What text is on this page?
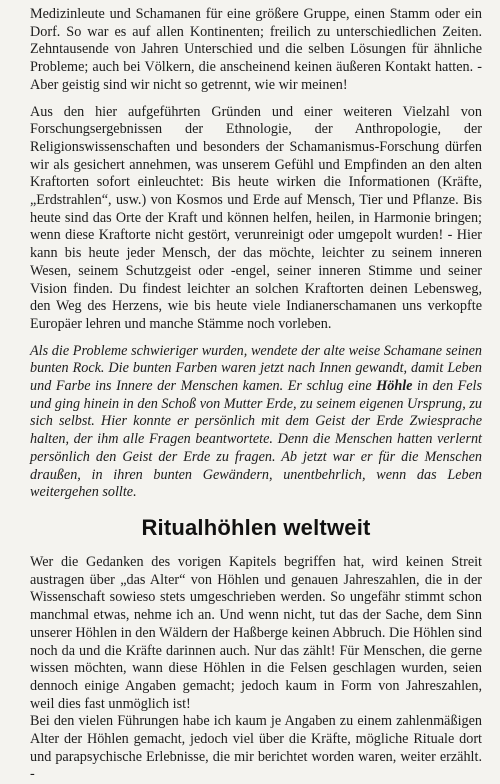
Medizinleute und Schamanen für eine größere Gruppe, einen Stamm oder ein Dorf. So war es auf allen Kontinenten; freilich zu unterschiedlichen Zeiten. Zehntausende von Jahren Unterschied und die selben Lösungen für ähnliche Probleme; auch bei Völkern, die anscheinend keinen äußeren Kontakt hatten. - Aber geistig sind wir nicht so getrennt, wie wir meinen!

Aus den hier aufgeführten Gründen und einer weiteren Vielzahl von Forschungsergebnissen der Ethnologie, der Anthropologie, der Religionswissenschaften und besonders der Schamanismus-Forschung dürfen wir als gesichert annehmen, was unserem Gefühl und Empfinden an den alten Kraftorten sofort einleuchtet: Bis heute wirken die Informationen (Kräfte, „Erdstrahlen“, usw.) von Kosmos und Erde auf Mensch, Tier und Pflanze. Bis heute sind das Orte der Kraft und können helfen, heilen, in Harmonie bringen; wenn diese Kraftorte nicht gestört, verunreinigt oder umgepolt wurden! - Hier kann bis heute jeder Mensch, der das möchte, leichter zu seinem inneren Wesen, seinem Schutzgeist oder -engel, seiner inneren Stimme und seiner Vision finden. Du findest leichter an solchen Kraftorten deinen Lebensweg, den Weg des Herzens, wie bis heute viele Indianerschamanen uns verkopfte Europäer lehren und manche Stämme noch vorleben.

Als die Probleme schwieriger wurden, wendete der alte weise Schamane seinen bunten Rock. Die bunten Farben waren jetzt nach Innen gewandt, damit Leben und Farbe ins Innere der Menschen kamen. Er schlug eine Höhle in den Fels und ging hinein in den Schoß von Mutter Erde, zu seinem eigenen Ursprung, zu sich selbst. Hier konnte er persönlich mit dem Geist der Erde Zwiesprache halten, der ihm alle Fragen beantwortete. Denn die Menschen hatten verlernt persönlich den Geist der Erde zu fragen. Ab jetzt war er für die Menschen draußen, in ihren bunten Gewändern, unentbehrlich, wenn das Leben weitergehen sollte.

Ritualhöhlen weltweit

Wer die Gedanken des vorigen Kapitels begriffen hat, wird keinen Streit austragen über „das Alter“ von Höhlen und genauen Jahreszahlen, die in der Wissenschaft sowieso stets umgeschrieben werden. So ungefähr stimmt schon manchmal etwas, nehme ich an. Und wenn nicht, tut das der Sache, dem Sinn unserer Höhlen in den Wäldern der Haßberge keinen Abbruch. Die Höhlen sind noch da und die Kräfte darinnen auch. Nur das zählt! Für Menschen, die gerne wissen möchten, wann diese Höhlen in die Felsen geschlagen wurden, seien dennoch einige Angaben gemacht; jedoch kaum in Form von Jahreszahlen, weil dies fast unmöglich ist!

Bei den vielen Führungen habe ich kaum je Angaben zu einem zahlenmäßigen Alter der Höhlen gemacht, jedoch viel über die Kräfte, mögliche Rituale dort und parapsychische Erlebnisse, die mir berichtet worden waren, weiter erzählt. -
